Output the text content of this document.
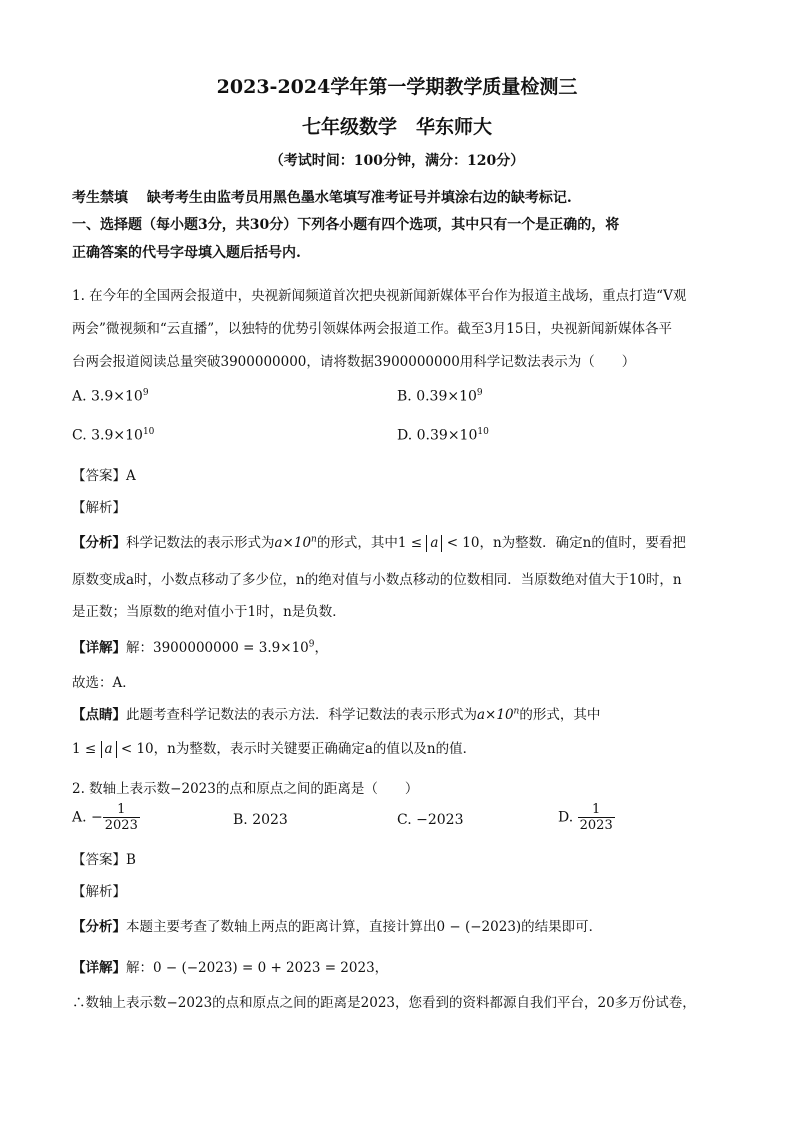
2023-2024学年第一学期教学质量检测三
七年级数学　华东师大
（考试时间：100分钟，满分：120分）
考生禁填　 缺考考生由监考员用黑色墨水笔填写准考证号并填涂右边的缺考标记.
一、选择题（每小题3分，共30分）下列各小题有四个选项，其中只有一个是正确的，将
正确答案的代号字母填入题后括号内.
1. 在今年的全国两会报道中，央视新闻频道首次把央视新闻新媒体平台作为报道主战场，重点打造“V观
两会”微视频和“云直播”，以独特的优势引领媒体两会报道工作。截至3月15日，央视新闻新媒体各平
台两会报道阅读总量突破3900000000，请将数据3900000000用科学记数法表示为（　　）
A. $3.9\times 10^9$	B. $0.39\times 10^9$
C. $3.9\times 10^{10}$	D. $0.39\times 10^{10}$
【答案】A
【解析】
【分析】科学记数法的表示形式为$a\times 10^n$的形式，其中1 ≤ a < 10，n为整数．确定n的值时，要看把
原数变成a时，小数点移动了多少位，n的绝对值与小数点移动的位数相同．当原数绝对值大于10时，n
是正数；当原数的绝对值小于1时，n是负数．
【详解】解：$3900000000 = 3.9\times 10^9$，
故选：A．
【点睛】此题考查科学记数法的表示方法．科学记数法的表示形式为$a\times 10^n$的形式，其中
1 ≤ a < 10，n为整数，表示时关键要正确确定a的值以及n的值．
2. 数轴上表示数−2023的点和原点之间的距离是（　　）
A. − $\frac{1}{2023}$	B. 2023	C. −2023	D. $\frac{1}{2023}$
【答案】B
【解析】
【分析】本题主要考查了数轴上两点的距离计算，直接计算出0 − (−2023)的结果即可．
【详解】解：0 − (−2023) = 0 + 2023 = 2023，
∴数轴上表示数−2023的点和原点之间的距离是2023，您看到的资料都源自我们平台，20多万份试卷，
